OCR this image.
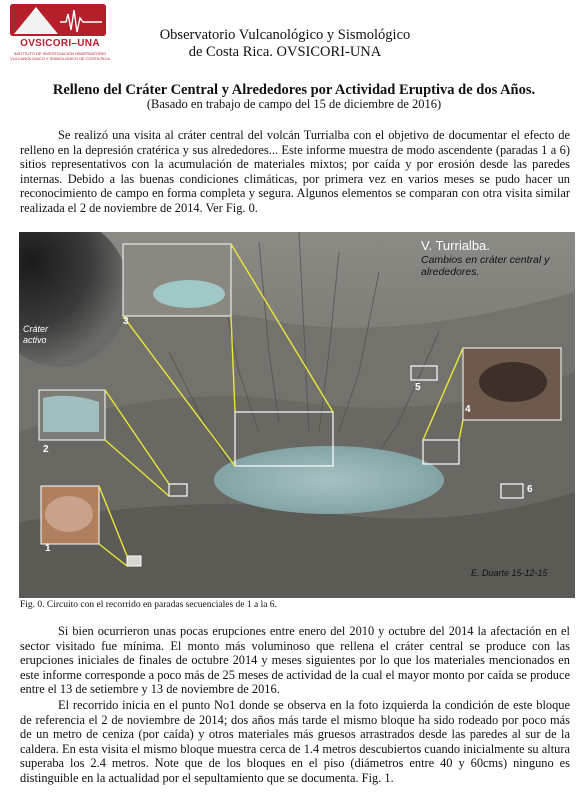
OVSICORI–UNA
INSTITUTO DE INVESTIGACION OBSERVATORIO VULCANOLOGICO Y SISMOLOGICO DE COSTA RICA
Observatorio Vulcanológico y Sismológico
de Costa Rica. OVSICORI-UNA
Relleno del Cráter Central y Alrededores por Actividad Eruptiva de dos Años.
(Basado en trabajo de campo del 15 de diciembre de 2016)

Se realizó una visita al cráter central del volcán Turrialba con el objetivo de documentar el efecto de relleno en la depresión cratérica y sus alrededores... Este informe muestra de modo ascendente (paradas 1 a 6) sitios representativos con la acumulación de materiales mixtos; por caída y por erosión desde las paredes internas. Debido a las buenas condiciones climáticas, por primera vez en varios meses se pudo hacer un reconocimiento de campo en forma completa y segura. Algunos elementos se comparan con otra visita similar realizada el 2 de noviembre de 2014. Ver Fig. 0.

V. Turrialba.
Cambios en cráter central y alrededores.
Cráter activo
E. Duarte 15-12-15
1
2
3
4
5
6
Fig. 0. Circuito con el recorrido en paradas secuenciales de 1 a la 6.

Si bien ocurrieron unas pocas erupciones entre enero del 2010 y octubre del 2014 la afectación en el sector visitado fue mínima. El monto más voluminoso que rellena el cráter central se produce con las erupciones iniciales de finales de octubre 2014 y meses siguientes por lo que los materiales mencionados en este informe corresponde a poco más de 25 meses de actividad de la cual el mayor monto por caída se produce entre el 13 de setiembre y 13 de noviembre de 2016.

El recorrido inicia en el punto No1 donde se observa en la foto izquierda la condición de este bloque de referencia el 2 de noviembre de 2014; dos años más tarde el mismo bloque ha sido rodeado por poco más de un metro de ceniza (por caída) y otros materiales más gruesos arrastrados desde las paredes al sur de la caldera. En esta visita el mismo bloque muestra cerca de 1.4 metros descubiertos cuando inicialmente su altura superaba los 2.4 metros. Note que de los bloques en el piso (diámetros entre 40 y 60cms) ninguno es distinguible en la actualidad por el sepultamiento que se documenta. Fig. 1.
